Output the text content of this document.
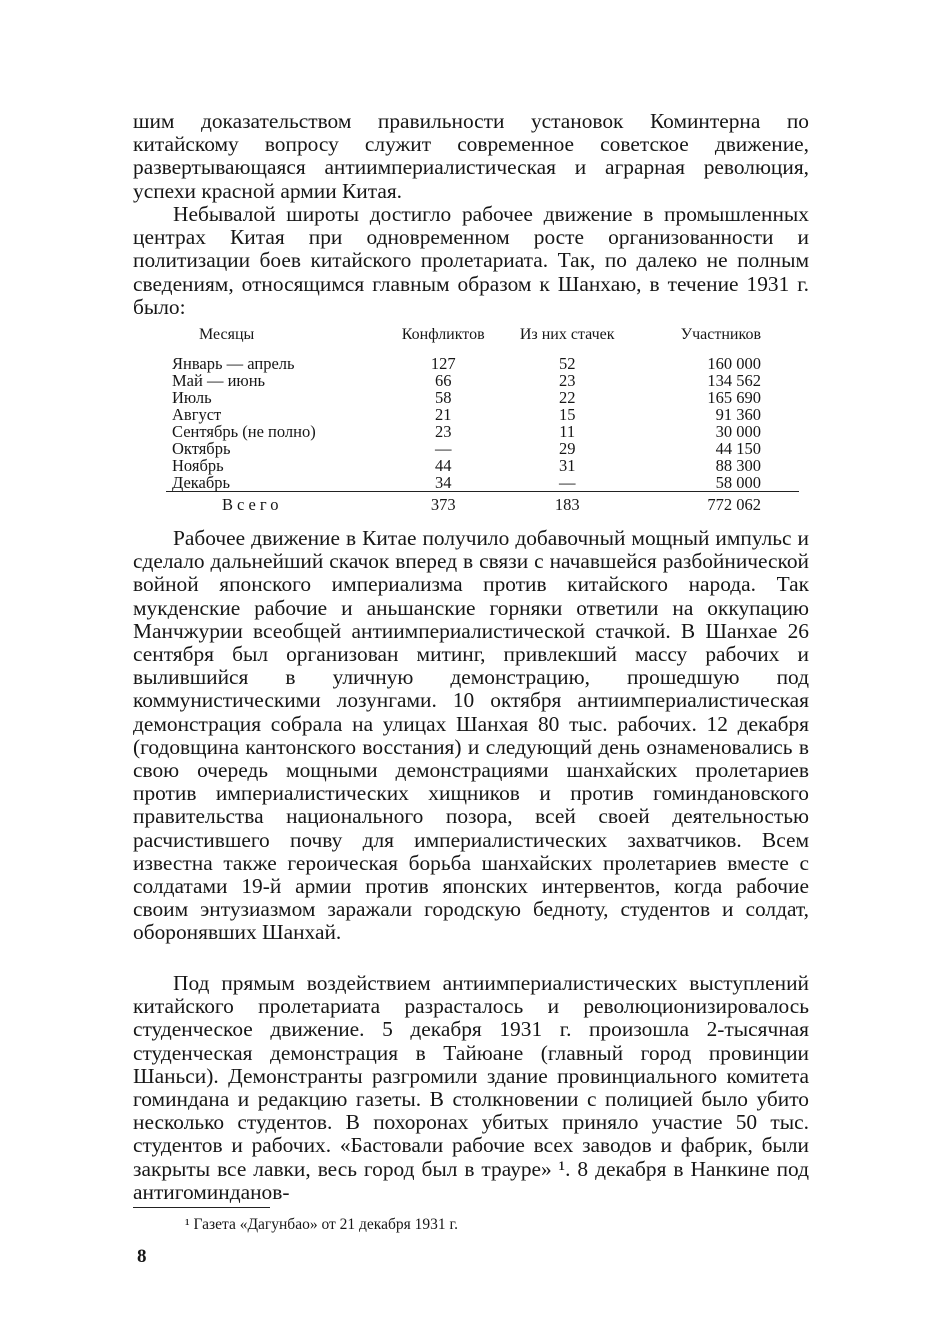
шим доказательством правильности установок Коминтерна по китайскому вопросу служит современное советское движение, развертывающаяся антиимпериалистическая и аграрная революция, успехи красной армии Китая.

Небывалой широты достигло рабочее движение в промышленных центрах Китая при одновременном росте организованности и политизации боев китайского пролетариата. Так, по далеко не полным сведениям, относящимся главным образом к Шанхаю, в течение 1931 г. было:

Месяцы	Конфликтов	Из них стачек	Участников
Январь — апрель	127	52	160 000
Май — июнь	66	23	134 562
Июль	58	22	165 690
Август	21	15	91 360
Сентябрь (не полно)	23	11	30 000
Октябрь	—	29	44 150
Ноябрь	44	31	88 300
Декабрь	34	—	58 000
Всего	373	183	772 062

Рабочее движение в Китае получило добавочный мощный импульс и сделало дальнейший скачок вперед в связи с начавшейся разбойнической войной японского империализма против китайского народа. Так мукденские рабочие и аньшанские горняки ответили на оккупацию Манчжурии всеобщей антиимпериалистической стачкой. В Шанхае 26 сентября был организован митинг, привлекший массу рабочих и вылившийся в уличную демонстрацию, прошедшую под коммунистическими лозунгами. 10 октября антиимпериалистическая демонстрация собрала на улицах Шанхая 80 тыс. рабочих. 12 декабря (годовщина кантонского восстания) и следующий день ознаменовались в свою очередь мощными демонстрациями шанхайских пролетариев против империалистических хищников и против гоминдановского правительства национального позора, всей своей деятельностью расчистившего почву для империалистических захватчиков. Всем известна также героическая борьба шанхайских пролетариев вместе с солдатами 19-й армии против японских интервентов, когда рабочие своим энтузиазмом заражали городскую бедноту, студентов и солдат, оборонявших Шанхай.

Под прямым воздействием антиимпериалистических выступлений китайского пролетариата разрасталось и революционизировалось студенческое движение. 5 декабря 1931 г. произошла 2-тысячная студенческая демонстрация в Тайюане (главный город провинции Шаньси). Демонстранты разгромили здание провинциального комитета гоминдана и редакцию газеты. В столкновении с полицией было убито несколько студентов. В похоронах убитых приняло участие 50 тыс. студентов и рабочих. «Бастовали рабочие всех заводов и фабрик, были закрыты все лавки, весь город был в трауре» ¹. 8 декабря в Нанкине под антигоминданов-

¹ Газета «Дагунбао» от 21 декабря 1931 г.
8
